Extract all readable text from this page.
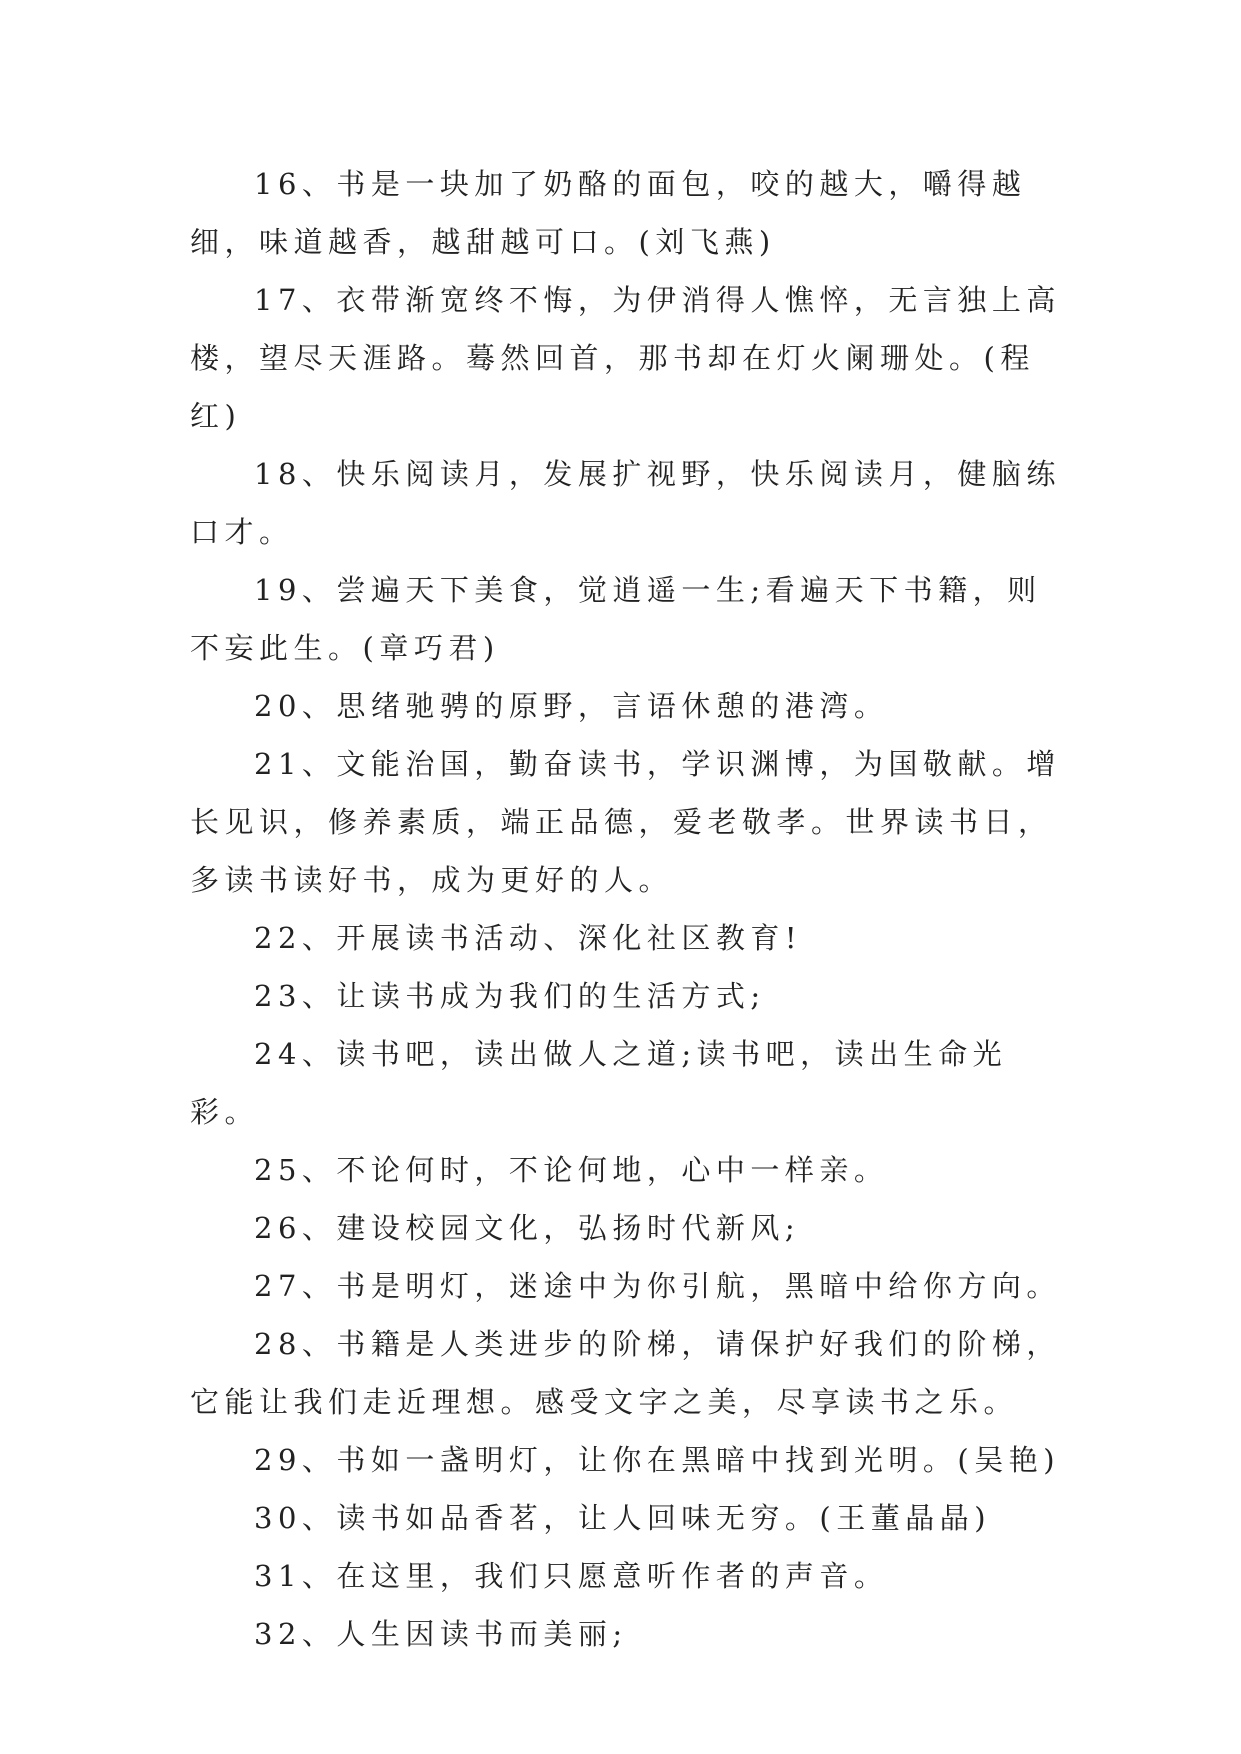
16、书是一块加了奶酪的面包，咬的越大，嚼得越细，味道越香，越甜越可口。(刘飞燕)

17、衣带渐宽终不悔，为伊消得人憔悴，无言独上高楼，望尽天涯路。蓦然回首，那书却在灯火阑珊处。(程红)

18、快乐阅读月，发展扩视野，快乐阅读月，健脑练口才。

19、尝遍天下美食，觉逍遥一生;看遍天下书籍，则不妄此生。(章巧君)

20、思绪驰骋的原野，言语休憩的港湾。

21、文能治国，勤奋读书，学识渊博，为国敬献。增长见识，修养素质，端正品德，爱老敬孝。世界读书日，多读书读好书，成为更好的人。

22、开展读书活动、深化社区教育!

23、让读书成为我们的生活方式;

24、读书吧，读出做人之道;读书吧，读出生命光彩。

25、不论何时，不论何地，心中一样亲。

26、建设校园文化，弘扬时代新风;

27、书是明灯，迷途中为你引航，黑暗中给你方向。

28、书籍是人类进步的阶梯，请保护好我们的阶梯，它能让我们走近理想。感受文字之美，尽享读书之乐。

29、书如一盏明灯，让你在黑暗中找到光明。(吴艳)

30、读书如品香茗，让人回味无穷。(王董晶晶)

31、在这里，我们只愿意听作者的声音。

32、人生因读书而美丽;
